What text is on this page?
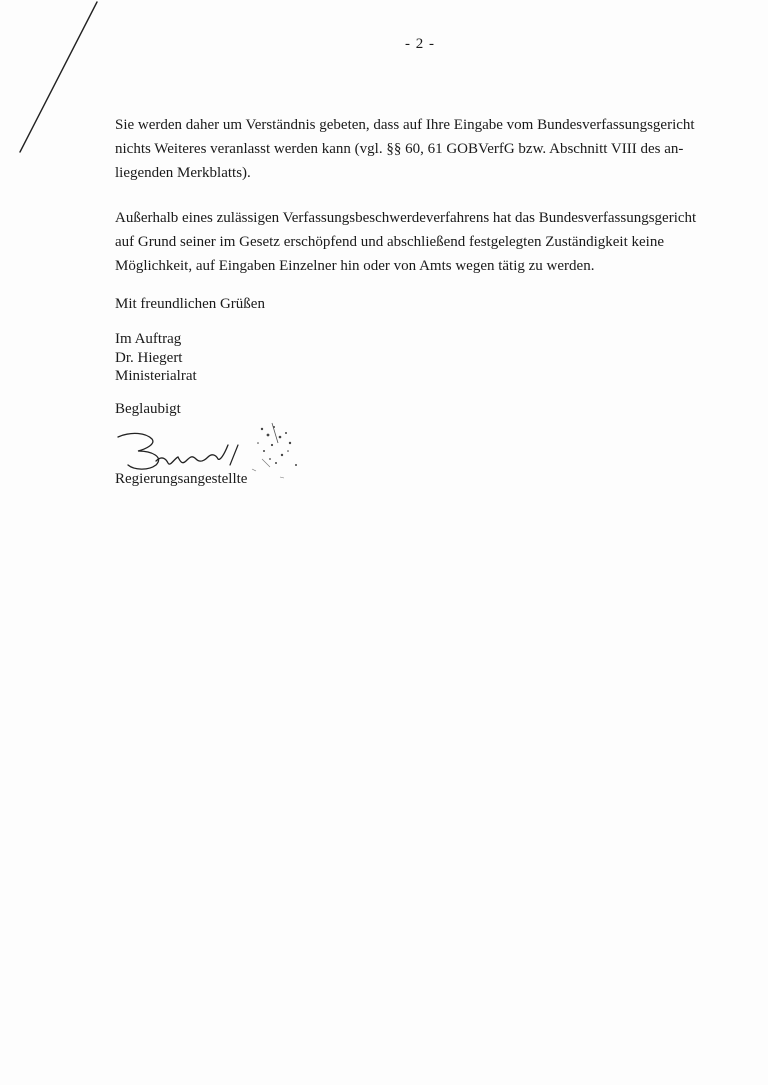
- 2 -
Sie werden daher um Verständnis gebeten, dass auf Ihre Eingabe vom Bundesverfassungsgericht
nichts Weiteres veranlasst werden kann (vgl. §§ 60, 61 GOBVerfG bzw. Abschnitt VIII des an-
liegenden Merkblatts).
Außerhalb eines zulässigen Verfassungsbeschwerdeverfahrens hat das Bundesverfassungsgericht
auf Grund seiner im Gesetz erschöpfend und abschließend festgelegten Zuständigkeit keine
Möglichkeit, auf Eingaben Einzelner hin oder von Amts wegen tätig zu werden.
Mit freundlichen Grüßen
Im Auftrag
Dr. Hiegert
Ministerialrat
Beglaubigt
Regierungsangestellte
